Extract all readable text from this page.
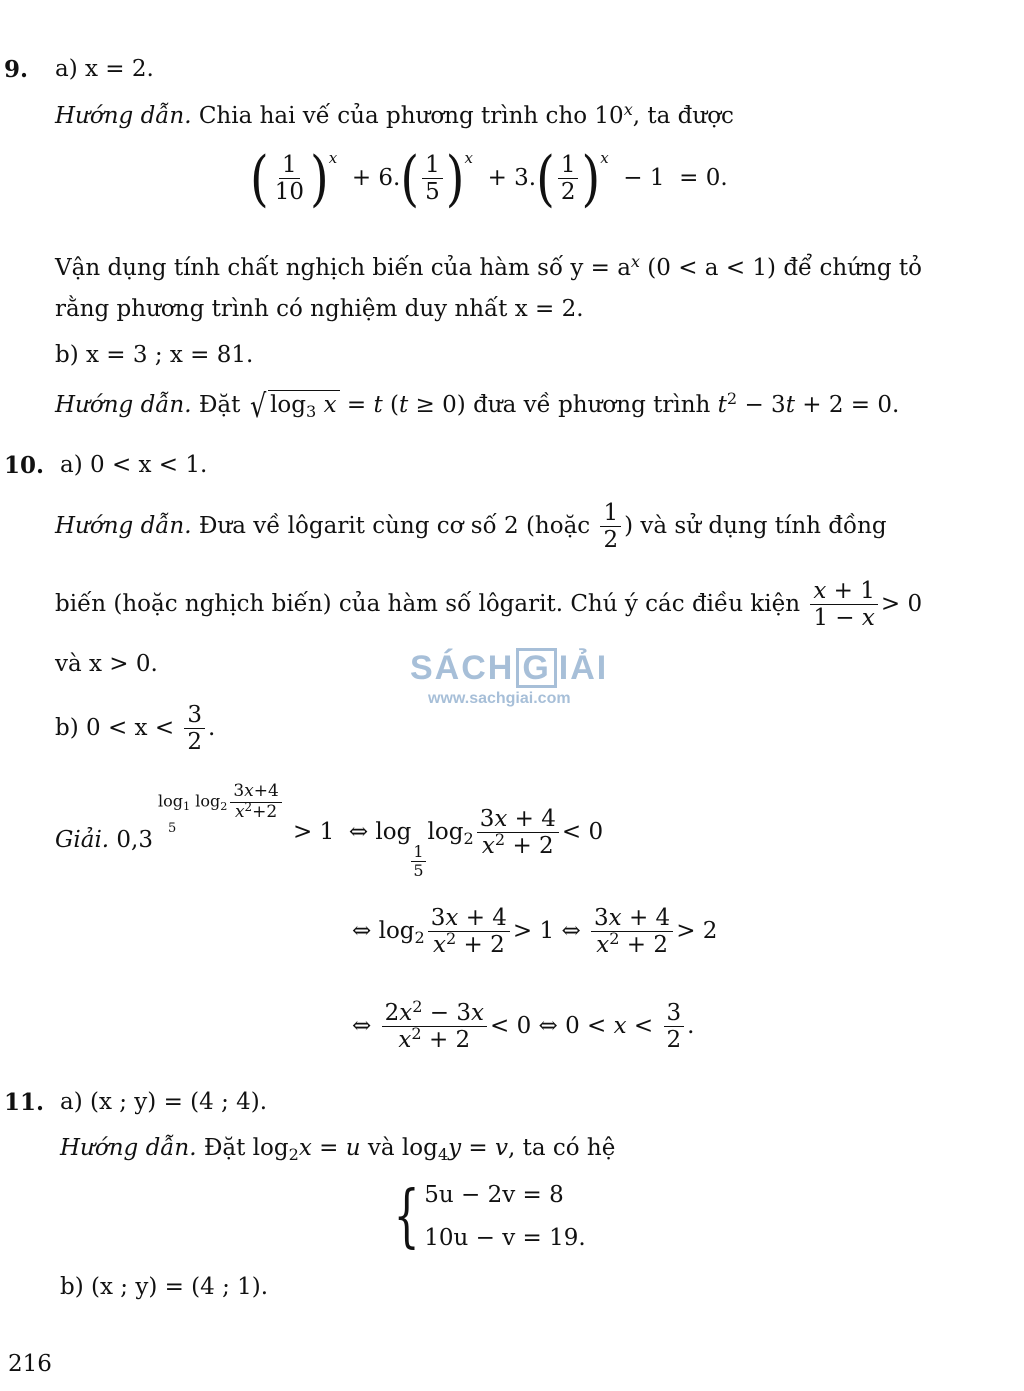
9. a) x = 2.
Hướng dẫn. Chia hai vế của phương trình cho 10$^x$, ta được
( $\frac{1}{10} )^x + 6.( \frac{1}{5} )^x + 3.( \frac{1}{2} )^x - 1 = 0$.
Vận dụng tính chất nghịch biến của hàm số $y = a^x$ (0 < a < 1) để chứng tỏ
rằng phương trình có nghiệm duy nhất x = 2.
b) x = 3 ; x = 81.
Hướng dẫn. Đặt √ $\log_3 x = t$ (t ≥ 0) đưa về phương trình $t^2 - 3t + 2 = 0$.
10. a) 0 < x < 1.
Hướng dẫn. Đưa về lôgarit cùng cơ số 2 (hoặc $\frac{1}{2}$ ) và sử dụng tính đồng
biến (hoặc nghịch biến) của hàm số lôgarit. Chú ý các điều kiện $\frac{x + 1}{1 - x} > 0$
và x > 0.
b) $0 < x < \frac{3}{2}$ .
Giải. 0,3
$\log_1 \log_2 \frac{3x+4}{x^2+2}$
5	> 1  ⇔ log
$\frac{1}{5}$
$\log_2 \frac{3x + 4}{x^2 + 2} < 0$
⇔ $\log_2 \frac{3x + 4}{x^2 + 2} > 1$ ⇔ $\frac{3x + 4}{x^2 + 2} > 2$
⇔ $\frac{2x^2 - 3x}{x^2 + 2} < 0$ ⇔ $0 < x < \frac{3}{2}$ .
11. a) (x ; y) = (4 ; 4).
Hướng dẫn. Đặt $\log_2x = u$ và $\log_4y = v$, ta có hệ
{ 5u − 2v = 8
10u − v = 19.
b) (x ; y) = (4 ; 1).
216
SÁCH G IẢI
www.sachgiai.com
